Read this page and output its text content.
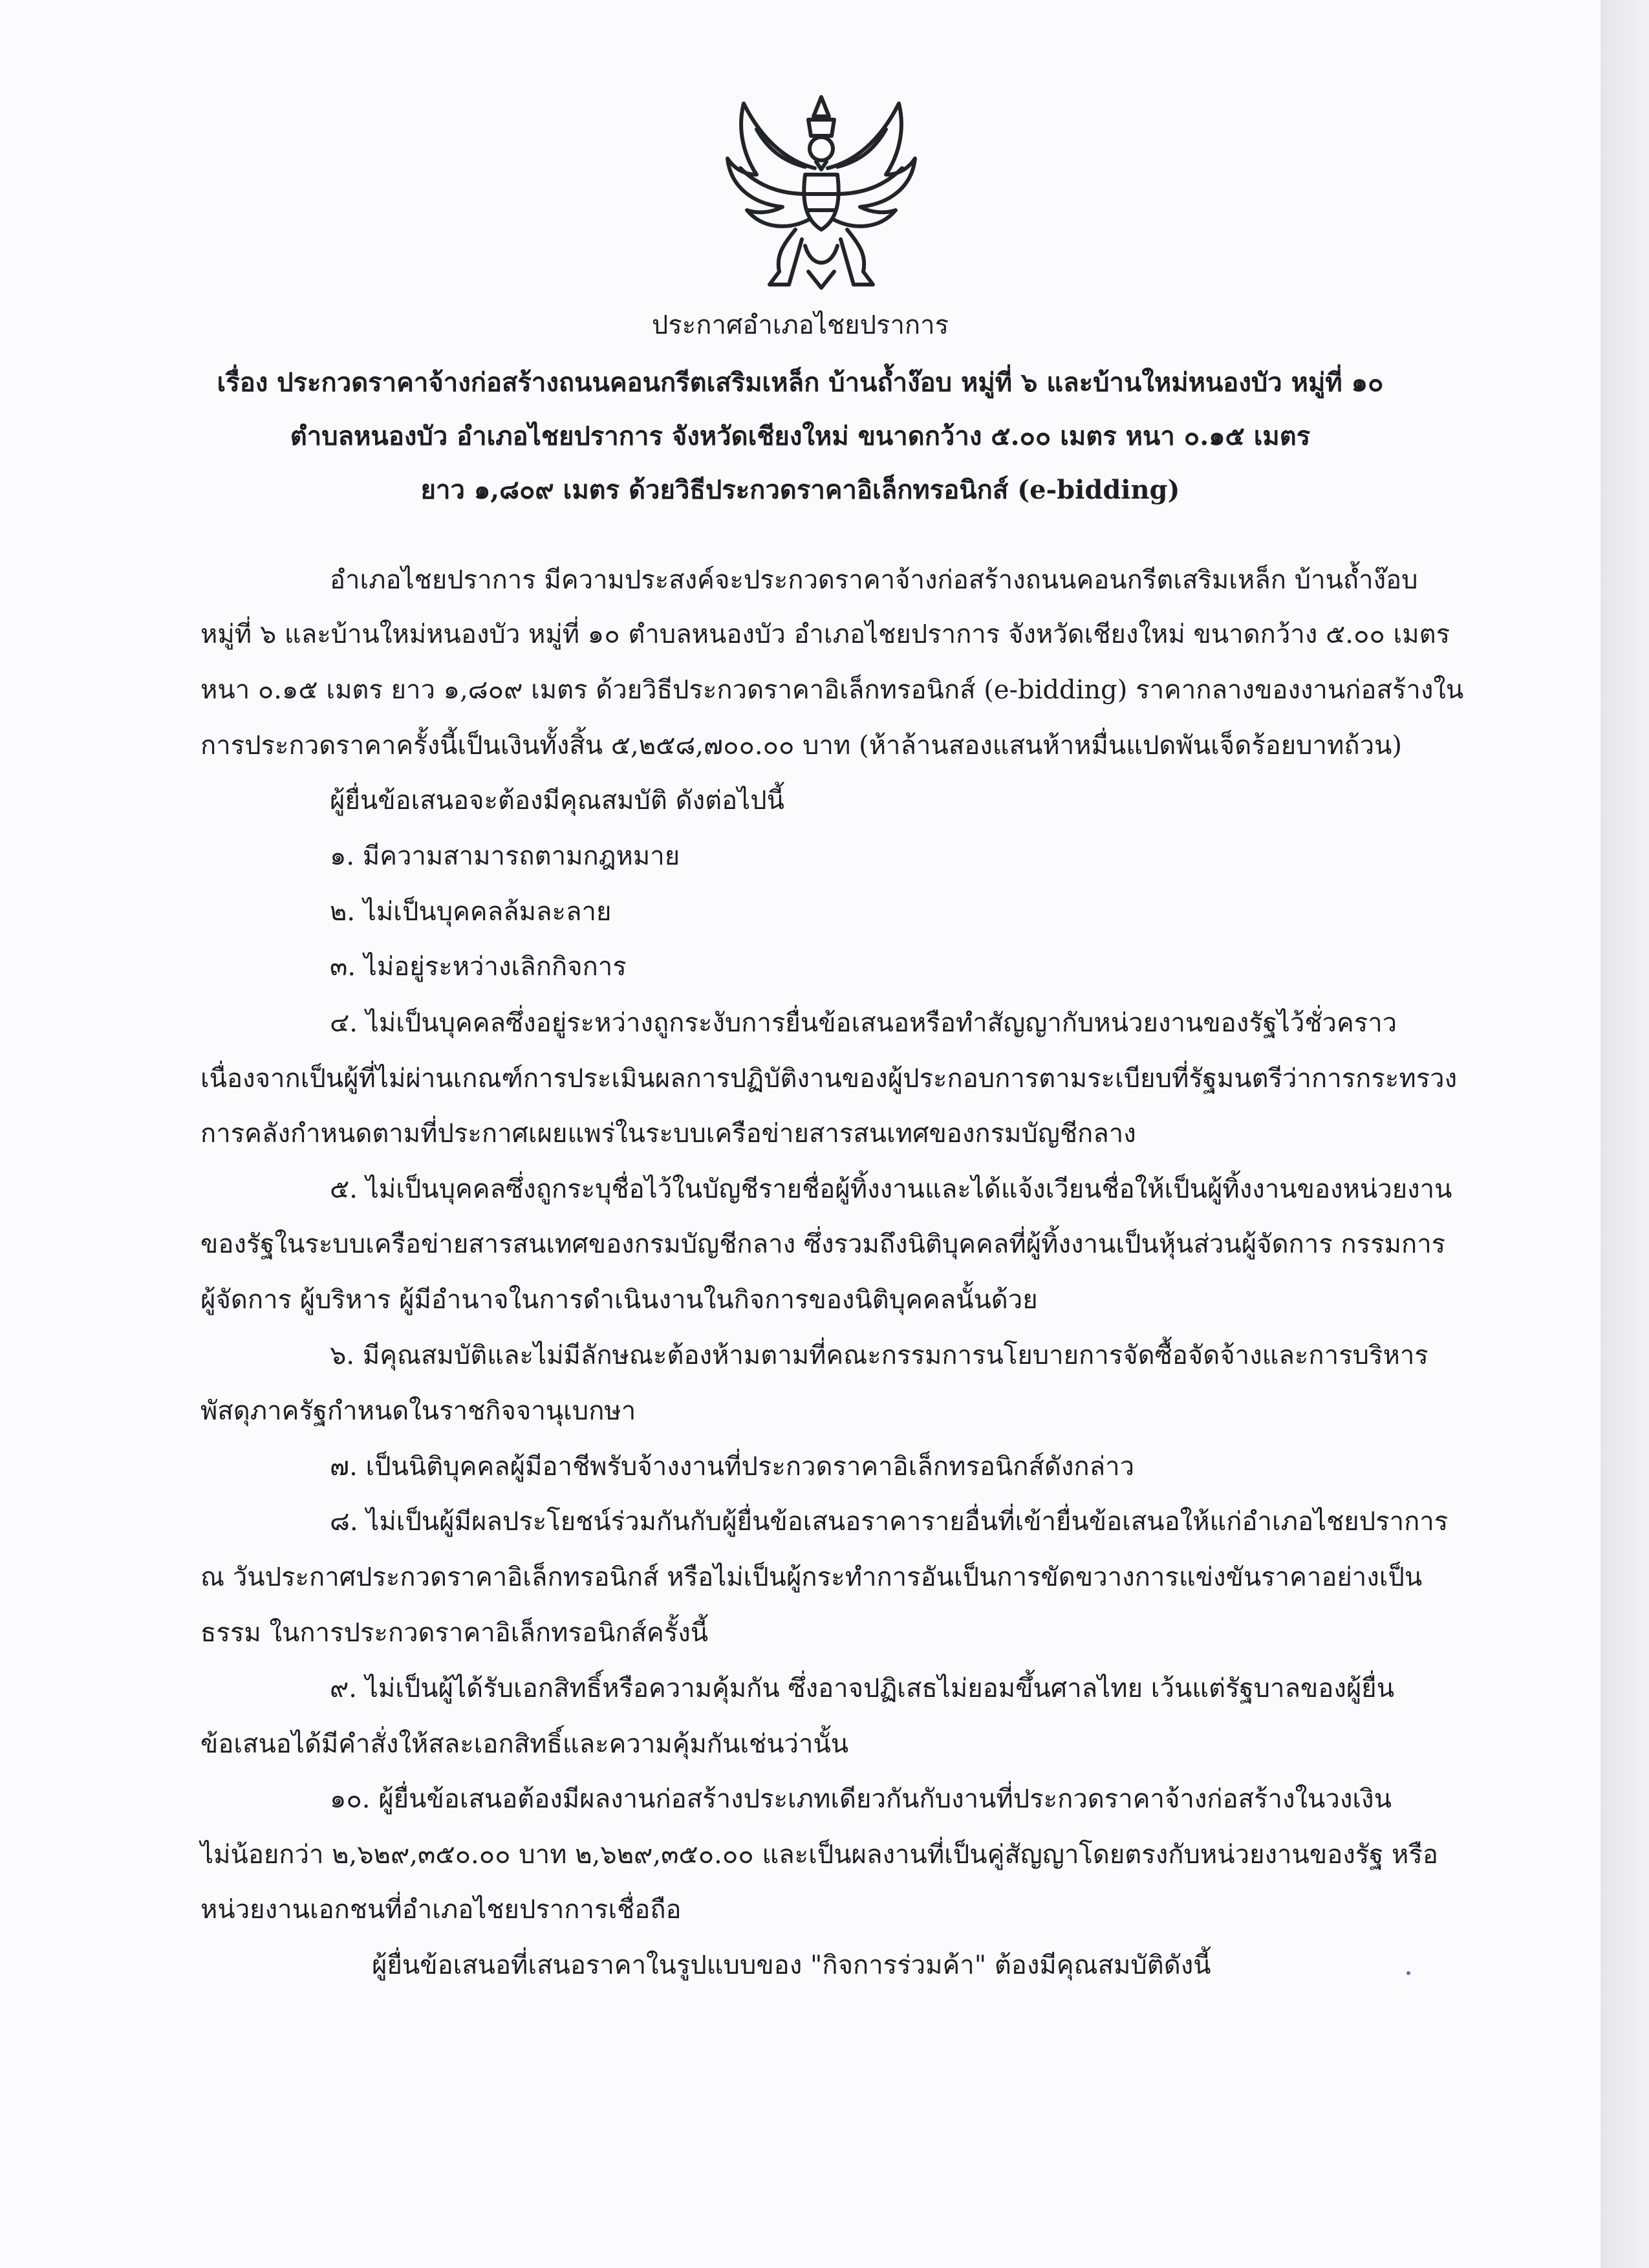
ประกาศอำเภอไชยปราการ
เรื่อง ประกวดราคาจ้างก่อสร้างถนนคอนกรีตเสริมเหล็ก บ้านถ้ำง๊อบ หมู่ที่ ๖ และบ้านใหม่หนองบัว หมู่ที่ ๑๐
ตำบลหนองบัว อำเภอไชยปราการ จังหวัดเชียงใหม่ ขนาดกว้าง ๕.๐๐ เมตร หนา ๐.๑๕ เมตร
ยาว ๑,๘๐๙ เมตร ด้วยวิธีประกวดราคาอิเล็กทรอนิกส์ (e-bidding)
อำเภอไชยปราการ มีความประสงค์จะประกวดราคาจ้างก่อสร้างถนนคอนกรีตเสริมเหล็ก บ้านถ้ำง๊อบ
หมู่ที่ ๖ และบ้านใหม่หนองบัว หมู่ที่ ๑๐ ตำบลหนองบัว อำเภอไชยปราการ จังหวัดเชียงใหม่ ขนาดกว้าง ๕.๐๐ เมตร
หนา ๐.๑๕ เมตร ยาว ๑,๘๐๙ เมตร ด้วยวิธีประกวดราคาอิเล็กทรอนิกส์ (e-bidding) ราคากลางของงานก่อสร้างใน
การประกวดราคาครั้งนี้เป็นเงินทั้งสิ้น ๕,๒๕๘,๗๐๐.๐๐ บาท (ห้าล้านสองแสนห้าหมื่นแปดพันเจ็ดร้อยบาทถ้วน)
ผู้ยื่นข้อเสนอจะต้องมีคุณสมบัติ ดังต่อไปนี้
๑. มีความสามารถตามกฎหมาย
๒. ไม่เป็นบุคคลล้มละลาย
๓. ไม่อยู่ระหว่างเลิกกิจการ
๔. ไม่เป็นบุคคลซึ่งอยู่ระหว่างถูกระงับการยื่นข้อเสนอหรือทำสัญญากับหน่วยงานของรัฐไว้ชั่วคราว
เนื่องจากเป็นผู้ที่ไม่ผ่านเกณฑ์การประเมินผลการปฏิบัติงานของผู้ประกอบการตามระเบียบที่รัฐมนตรีว่าการกระทรวง
การคลังกำหนดตามที่ประกาศเผยแพร่ในระบบเครือข่ายสารสนเทศของกรมบัญชีกลาง
๕. ไม่เป็นบุคคลซึ่งถูกระบุชื่อไว้ในบัญชีรายชื่อผู้ทิ้งงานและได้แจ้งเวียนชื่อให้เป็นผู้ทิ้งงานของหน่วยงาน
ของรัฐในระบบเครือข่ายสารสนเทศของกรมบัญชีกลาง ซึ่งรวมถึงนิติบุคคลที่ผู้ทิ้งงานเป็นหุ้นส่วนผู้จัดการ กรรมการ
ผู้จัดการ ผู้บริหาร ผู้มีอำนาจในการดำเนินงานในกิจการของนิติบุคคลนั้นด้วย
๖. มีคุณสมบัติและไม่มีลักษณะต้องห้ามตามที่คณะกรรมการนโยบายการจัดซื้อจัดจ้างและการบริหาร
พัสดุภาครัฐกำหนดในราชกิจจานุเบกษา
๗. เป็นนิติบุคคลผู้มีอาชีพรับจ้างงานที่ประกวดราคาอิเล็กทรอนิกส์ดังกล่าว
๘. ไม่เป็นผู้มีผลประโยชน์ร่วมกันกับผู้ยื่นข้อเสนอราคารายอื่นที่เข้ายื่นข้อเสนอให้แก่อำเภอไชยปราการ
ณ วันประกาศประกวดราคาอิเล็กทรอนิกส์ หรือไม่เป็นผู้กระทำการอันเป็นการขัดขวางการแข่งขันราคาอย่างเป็น
ธรรม ในการประกวดราคาอิเล็กทรอนิกส์ครั้งนี้
๙. ไม่เป็นผู้ได้รับเอกสิทธิ์หรือความคุ้มกัน ซึ่งอาจปฏิเสธไม่ยอมขึ้นศาลไทย เว้นแต่รัฐบาลของผู้ยื่น
ข้อเสนอได้มีคำสั่งให้สละเอกสิทธิ์และความคุ้มกันเช่นว่านั้น
๑๐. ผู้ยื่นข้อเสนอต้องมีผลงานก่อสร้างประเภทเดียวกันกับงานที่ประกวดราคาจ้างก่อสร้างในวงเงิน
ไม่น้อยกว่า ๒,๖๒๙,๓๕๐.๐๐ บาท ๒,๖๒๙,๓๕๐.๐๐ และเป็นผลงานที่เป็นคู่สัญญาโดยตรงกับหน่วยงานของรัฐ หรือ
หน่วยงานเอกชนที่อำเภอไชยปราการเชื่อถือ
ผู้ยื่นข้อเสนอที่เสนอราคาในรูปแบบของ "กิจการร่วมค้า" ต้องมีคุณสมบัติดังนี้
